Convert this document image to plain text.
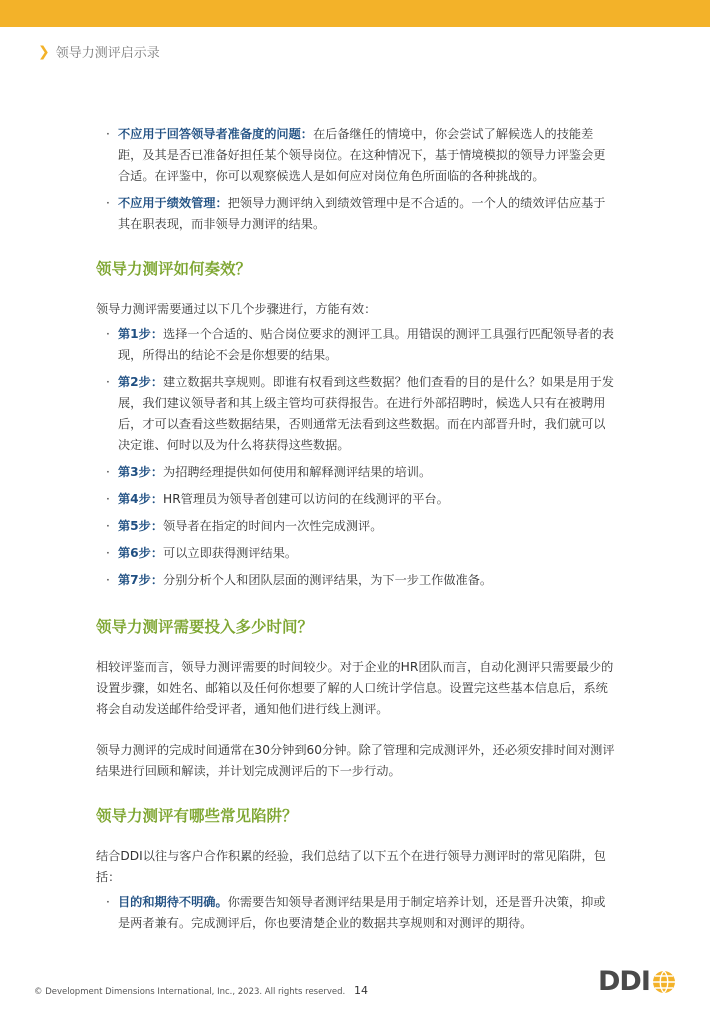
❯ 领导力测评启示录
· 不应用于回答领导者准备度的问题：在后备继任的情境中，你会尝试了解候选人的技能差距，及其是否已准备好担任某个领导岗位。在这种情况下，基于情境模拟的领导力评鉴会更合适。在评鉴中，你可以观察候选人是如何应对岗位角色所面临的各种挑战的。
· 不应用于绩效管理：把领导力测评纳入到绩效管理中是不合适的。一个人的绩效评估应基于其在职表现，而非领导力测评的结果。
领导力测评如何奏效？

领导力测评需要通过以下几个步骤进行，方能有效：

· 第1步：选择一个合适的、贴合岗位要求的测评工具。用错误的测评工具强行匹配领导者的表现，所得出的结论不会是你想要的结果。
· 第2步：建立数据共享规则。即谁有权看到这些数据？他们查看的目的是什么？如果是用于发展，我们建议领导者和其上级主管均可获得报告。在进行外部招聘时，候选人只有在被聘用后，才可以查看这些数据结果，否则通常无法看到这些数据。而在内部晋升时，我们就可以决定谁、何时以及为什么将获得这些数据。
· 第3步：为招聘经理提供如何使用和解释测评结果的培训。
· 第4步：HR管理员为领导者创建可以访问的在线测评的平台。
· 第5步：领导者在指定的时间内一次性完成测评。
· 第6步：可以立即获得测评结果。
· 第7步：分别分析个人和团队层面的测评结果，为下一步工作做准备。
领导力测评需要投入多少时间？

相较评鉴而言，领导力测评需要的时间较少。对于企业的HR团队而言，自动化测评只需要最少的设置步骤，如姓名、邮箱以及任何你想要了解的人口统计学信息。设置完这些基本信息后，系统将会自动发送邮件给受评者，通知他们进行线上测评。

领导力测评的完成时间通常在30分钟到60分钟。除了管理和完成测评外，还必须安排时间对测评结果进行回顾和解读，并计划完成测评后的下一步行动。

领导力测评有哪些常见陷阱？

结合DDI以往与客户合作积累的经验，我们总结了以下五个在进行领导力测评时的常见陷阱，包括：

· 目的和期待不明确。你需要告知领导者测评结果是用于制定培养计划，还是晋升决策，抑或是两者兼有。完成测评后，你也要清楚企业的数据共享规则和对测评的期待。
© Development Dimensions International, Inc., 2023. All rights reserved. 14	DDI
